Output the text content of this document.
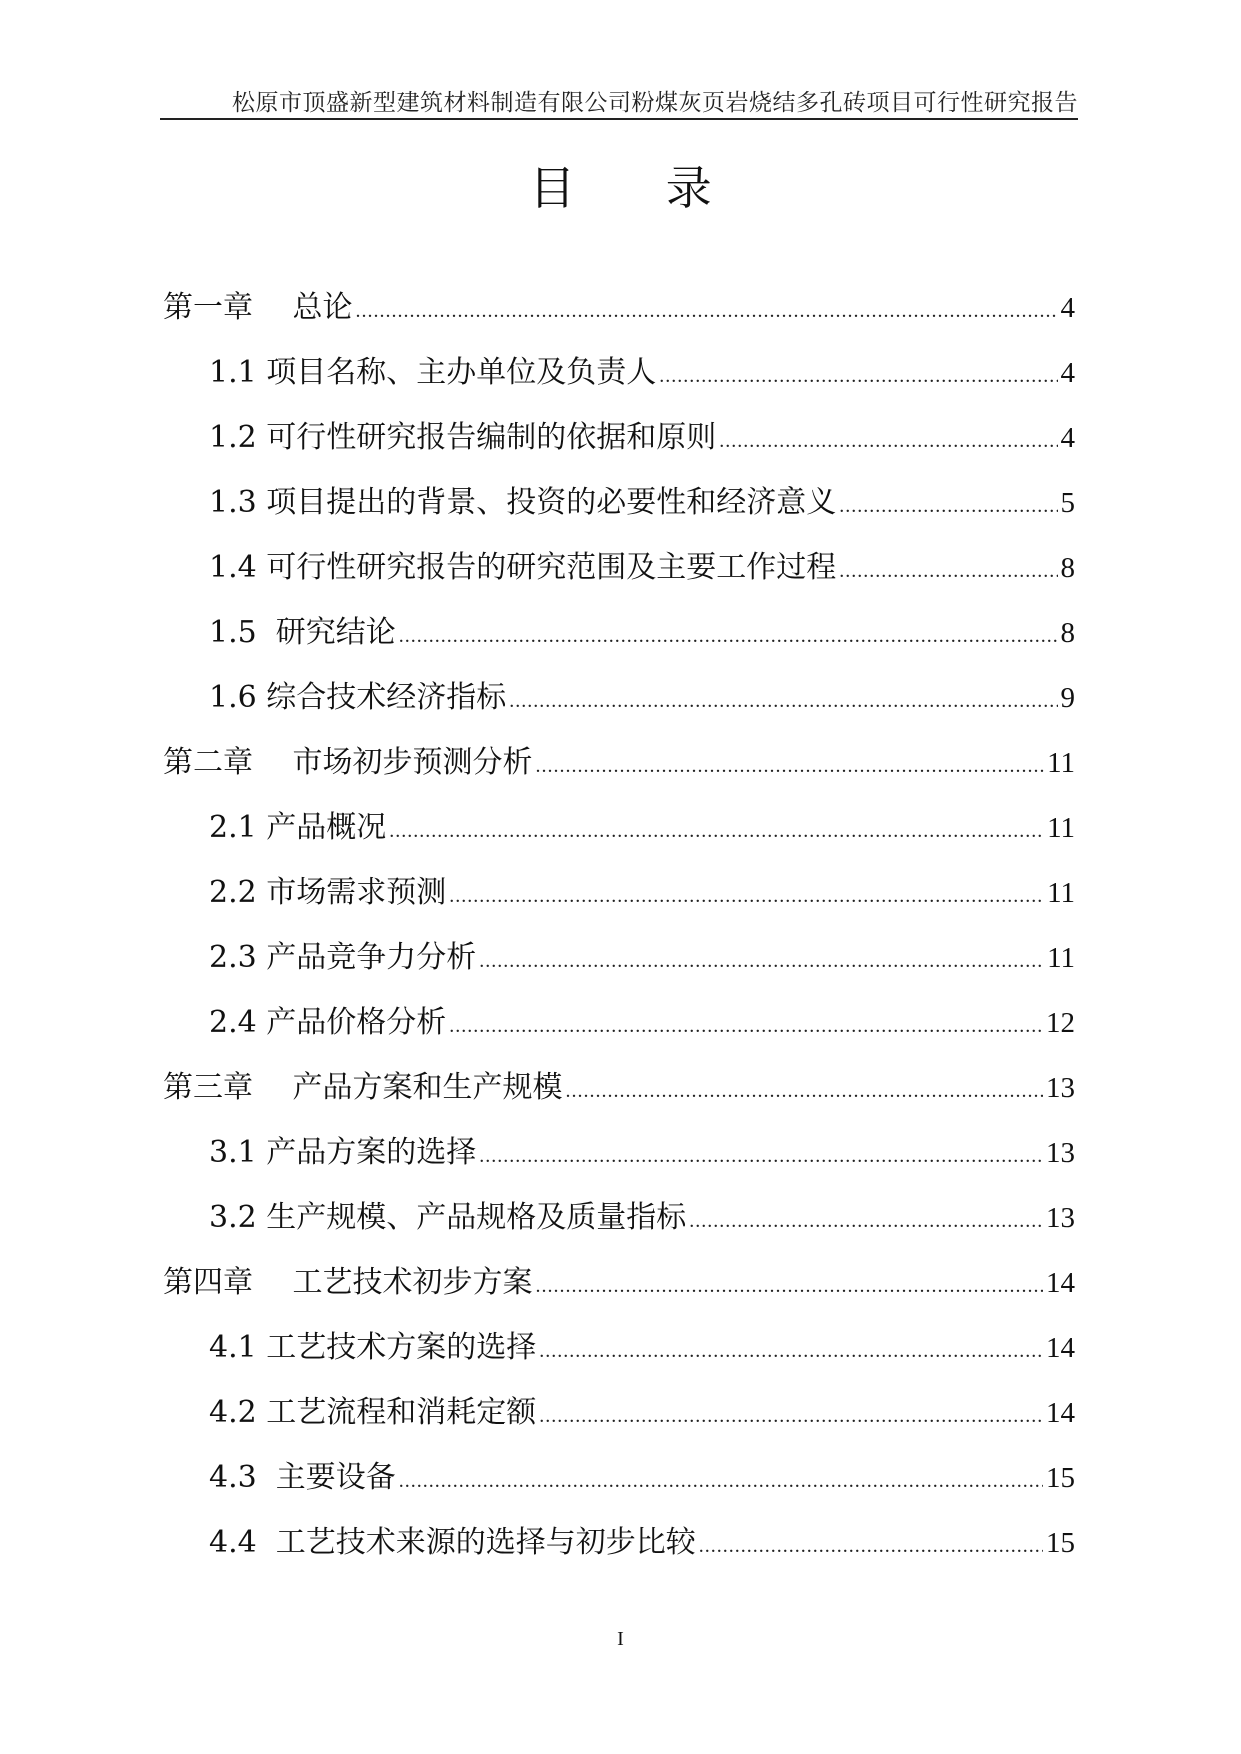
松原市顶盛新型建筑材料制造有限公司粉煤灰页岩烧结多孔砖项目可行性研究报告
目 录
第一章　 总论 .....	4
1.1 项目名称、主办单位及负责人 .....	4
1.2 可行性研究报告编制的依据和原则 .....	4
1.3 项目提出的背景、投资的必要性和经济意义 .....	5
1.4 可行性研究报告的研究范围及主要工作过程 .....	8
1.5  研究结论 .....	8
1.6 综合技术经济指标 .....	9
第二章　 市场初步预测分析 .....	11
2.1 产品概况 .....	11
2.2 市场需求预测 .....	11
2.3 产品竞争力分析 .....	11
2.4 产品价格分析 .....	12
第三章　 产品方案和生产规模 .....	13
3.1 产品方案的选择 .....	13
3.2 生产规模、产品规格及质量指标 .....	13
第四章　 工艺技术初步方案 .....	14
4.1 工艺技术方案的选择 .....	14
4.2 工艺流程和消耗定额 .....	14
4.3  主要设备 .....	15
4.4  工艺技术来源的选择与初步比较 .....	15
I
